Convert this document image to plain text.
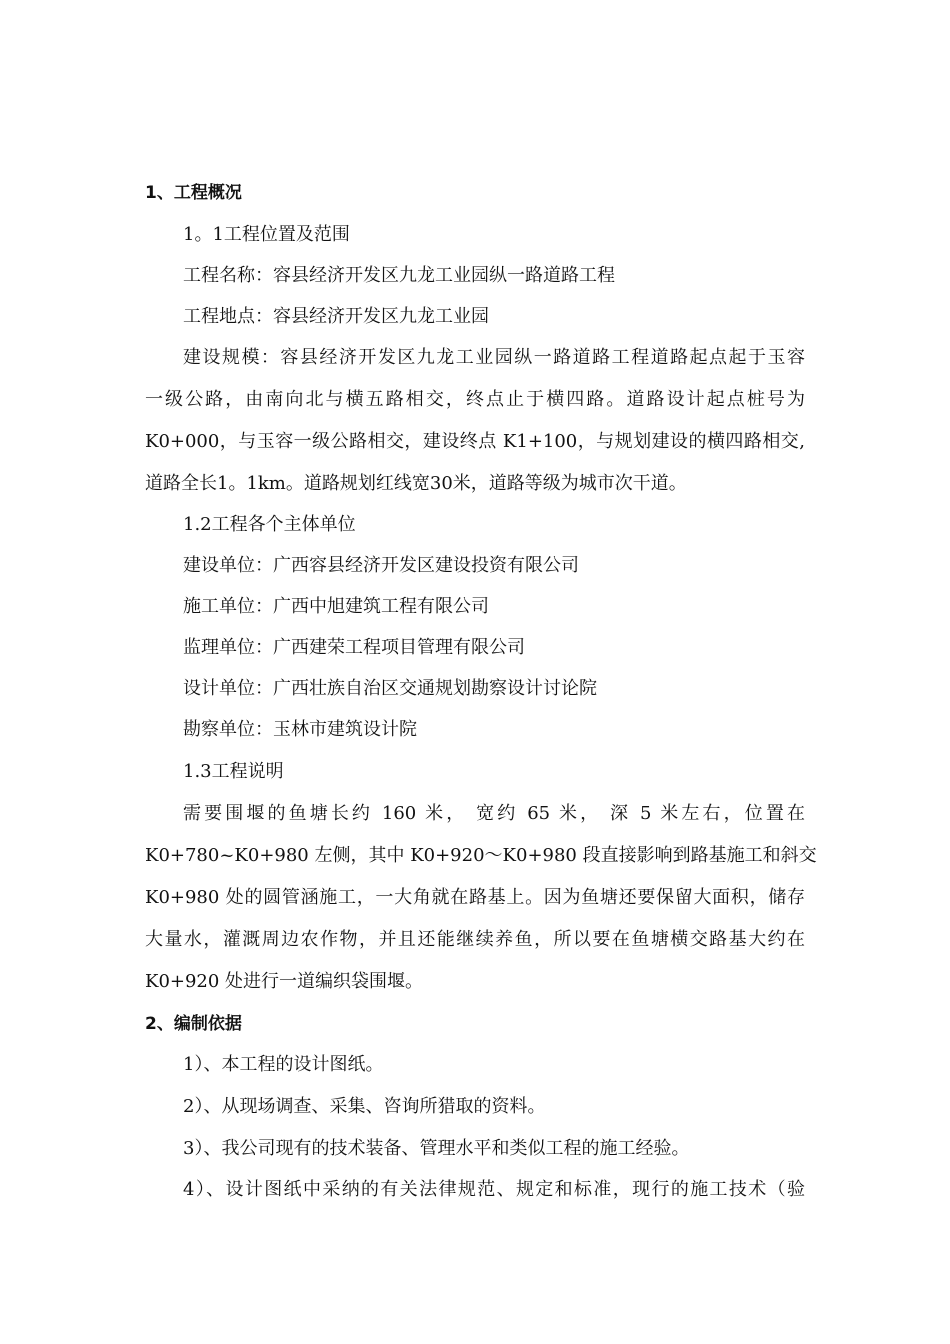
1、工程概况
1。1工程位置及范围
工程名称：容县经济开发区九龙工业园纵一路道路工程
工程地点：容县经济开发区九龙工业园
建设规模：容县经济开发区九龙工业园纵一路道路工程道路起点起于玉容
一级公路，由南向北与横五路相交，终点止于横四路。道路设计起点桩号为
K0+000，与玉容一级公路相交，建设终点 K1+100，与规划建设的横四路相交,
道路全长1。1km。道路规划红线宽30米，道路等级为城市次干道。
1.2工程各个主体单位
建设单位：广西容县经济开发区建设投资有限公司
施工单位：广西中旭建筑工程有限公司
监理单位：广西建荣工程项目管理有限公司
设计单位：广西壮族自治区交通规划勘察设计讨论院
勘察单位：玉林市建筑设计院
1.3工程说明
需要围堰的鱼塘长约 160 米， 宽约 65 米， 深 5 米左右，位置在
K0+780~K0+980 左侧，其中 K0+920～K0+980 段直接影响到路基施工和斜交
K0+980 处的圆管涵施工，一大角就在路基上。因为鱼塘还要保留大面积，储存
大量水，灌溉周边农作物，并且还能继续养鱼，所以要在鱼塘横交路基大约在
K0+920 处进行一道编织袋围堰。
2、编制依据
1）、本工程的设计图纸。
2）、从现场调查、采集、咨询所猎取的资料。
3）、我公司现有的技术装备、管理水平和类似工程的施工经验。
4）、设计图纸中采纳的有关法律规范、规定和标准，现行的施工技术（验
